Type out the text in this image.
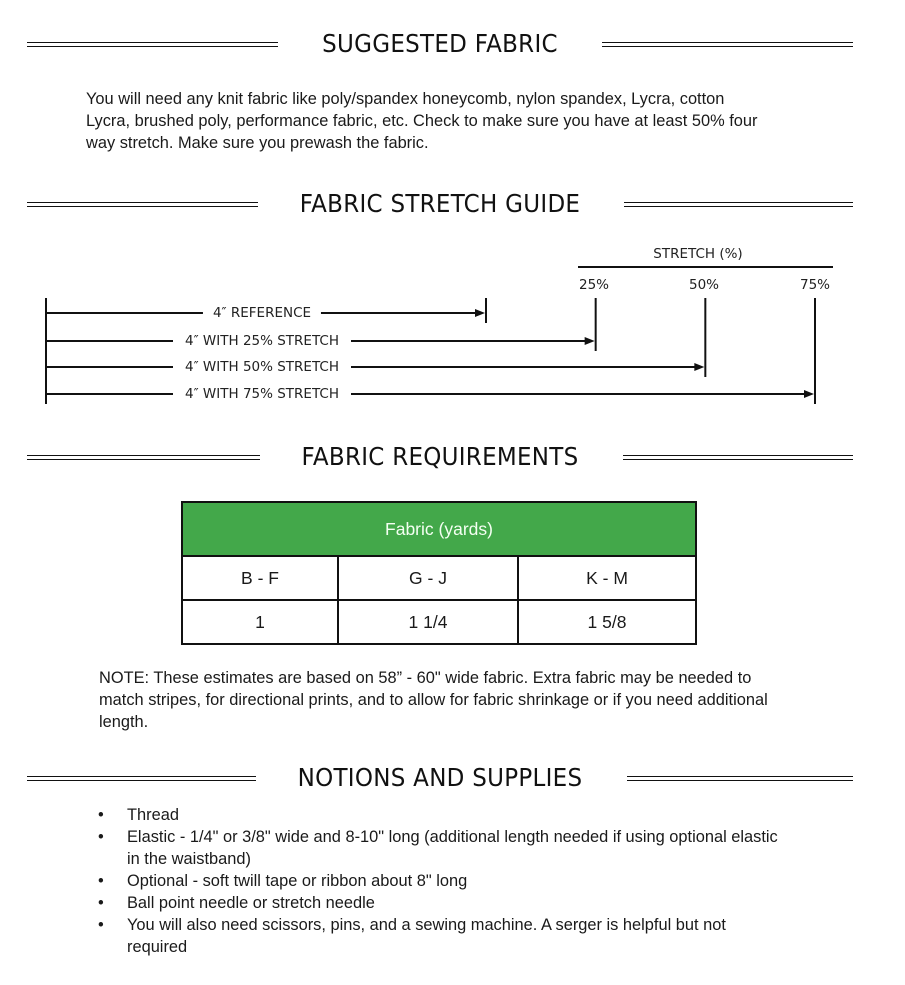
SUGGESTED FABRIC
You will need any knit fabric like poly/spandex honeycomb, nylon spandex, Lycra, cotton Lycra, brushed poly, performance fabric, etc. Check to make sure you have at least 50% four way stretch. Make sure you prewash the fabric.
FABRIC STRETCH GUIDE
STRETCH (%)
25%	50%	75%
4″ REFERENCE
4″ WITH 25% STRETCH
4″ WITH 50% STRETCH
4″ WITH 75% STRETCH
FABRIC REQUIREMENTS
Fabric (yards)		
B - F	G - J	K - M
1	1 1/4	1 5/8
NOTE: These estimates are based on 58” - 60" wide fabric. Extra fabric may be needed to match stripes, for directional prints, and to allow for fabric shrinkage or if you need additional length.
NOTIONS AND SUPPLIES
• Thread
• Elastic - 1/4" or 3/8" wide and 8-10" long (additional length needed if using optional elastic in the waistband)
• Optional - soft twill tape or ribbon about 8" long
• Ball point needle or stretch needle
• You will also need scissors, pins, and a sewing machine. A serger is helpful but not required
